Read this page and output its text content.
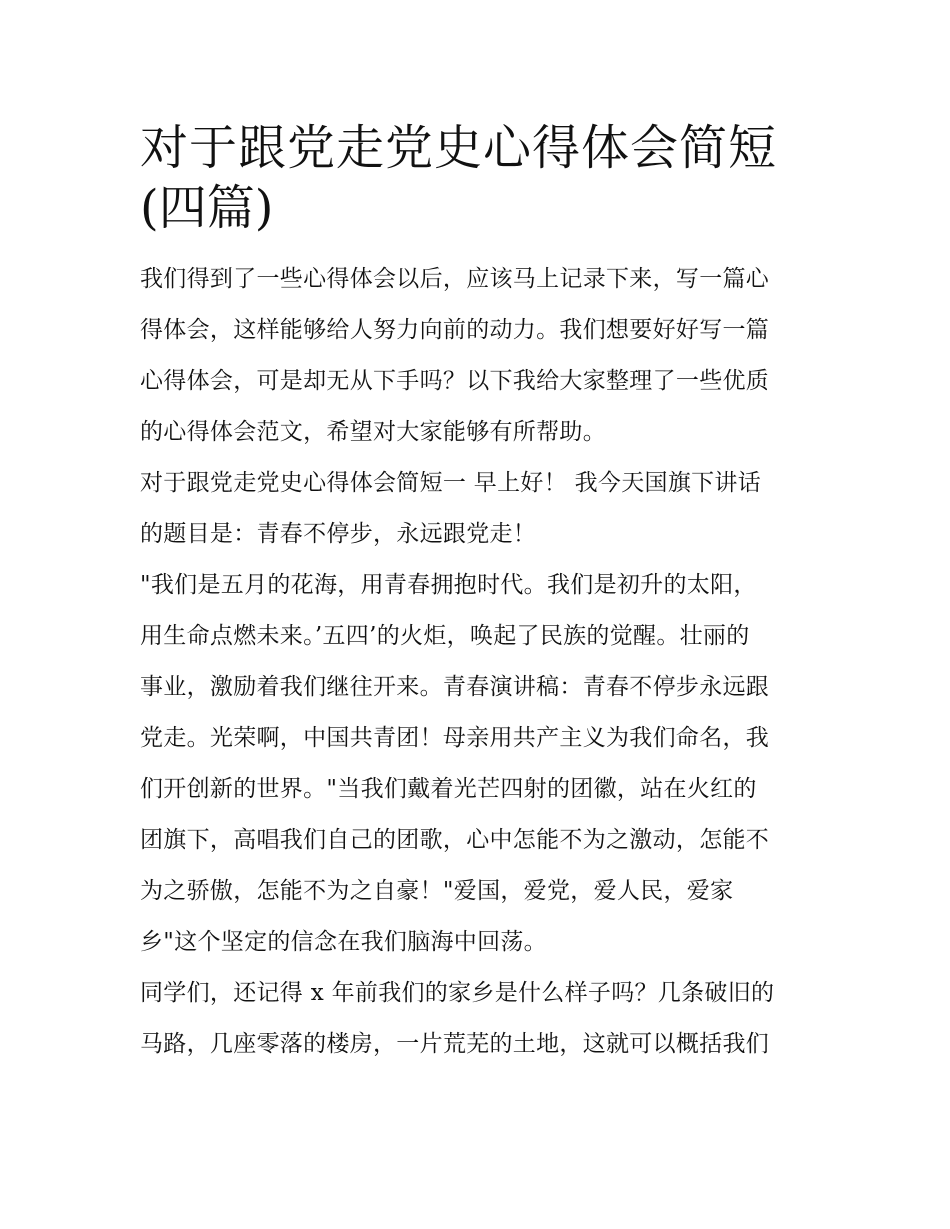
对于跟党走党史心得体会简短
(四篇)
我们得到了一些心得体会以后，应该马上记录下来，写一篇心
得体会，这样能够给人努力向前的动力。我们想要好好写一篇
心得体会，可是却无从下手吗？以下我给大家整理了一些优质
的心得体会范文，希望对大家能够有所帮助。
对于跟党走党史心得体会简短一 早上好！ 我今天国旗下讲话
的题目是：青春不停步，永远跟党走！
"我们是五月的花海，用青春拥抱时代。我们是初升的太阳，
用生命点燃未来。’五四’的火炬，唤起了民族的觉醒。壮丽的
事业，激励着我们继往开来。青春演讲稿：青春不停步永远跟
党走。光荣啊，中国共青团！母亲用共产主义为我们命名，我
们开创新的世界。"当我们戴着光芒四射的团徽，站在火红的
团旗下，高唱我们自己的团歌，心中怎能不为之激动，怎能不
为之骄傲，怎能不为之自豪！"爱国，爱党，爱人民，爱家
乡"这个坚定的信念在我们脑海中回荡。
同学们，还记得 x 年前我们的家乡是什么样子吗？几条破旧的
马路，几座零落的楼房，一片荒芜的土地，这就可以概括我们
